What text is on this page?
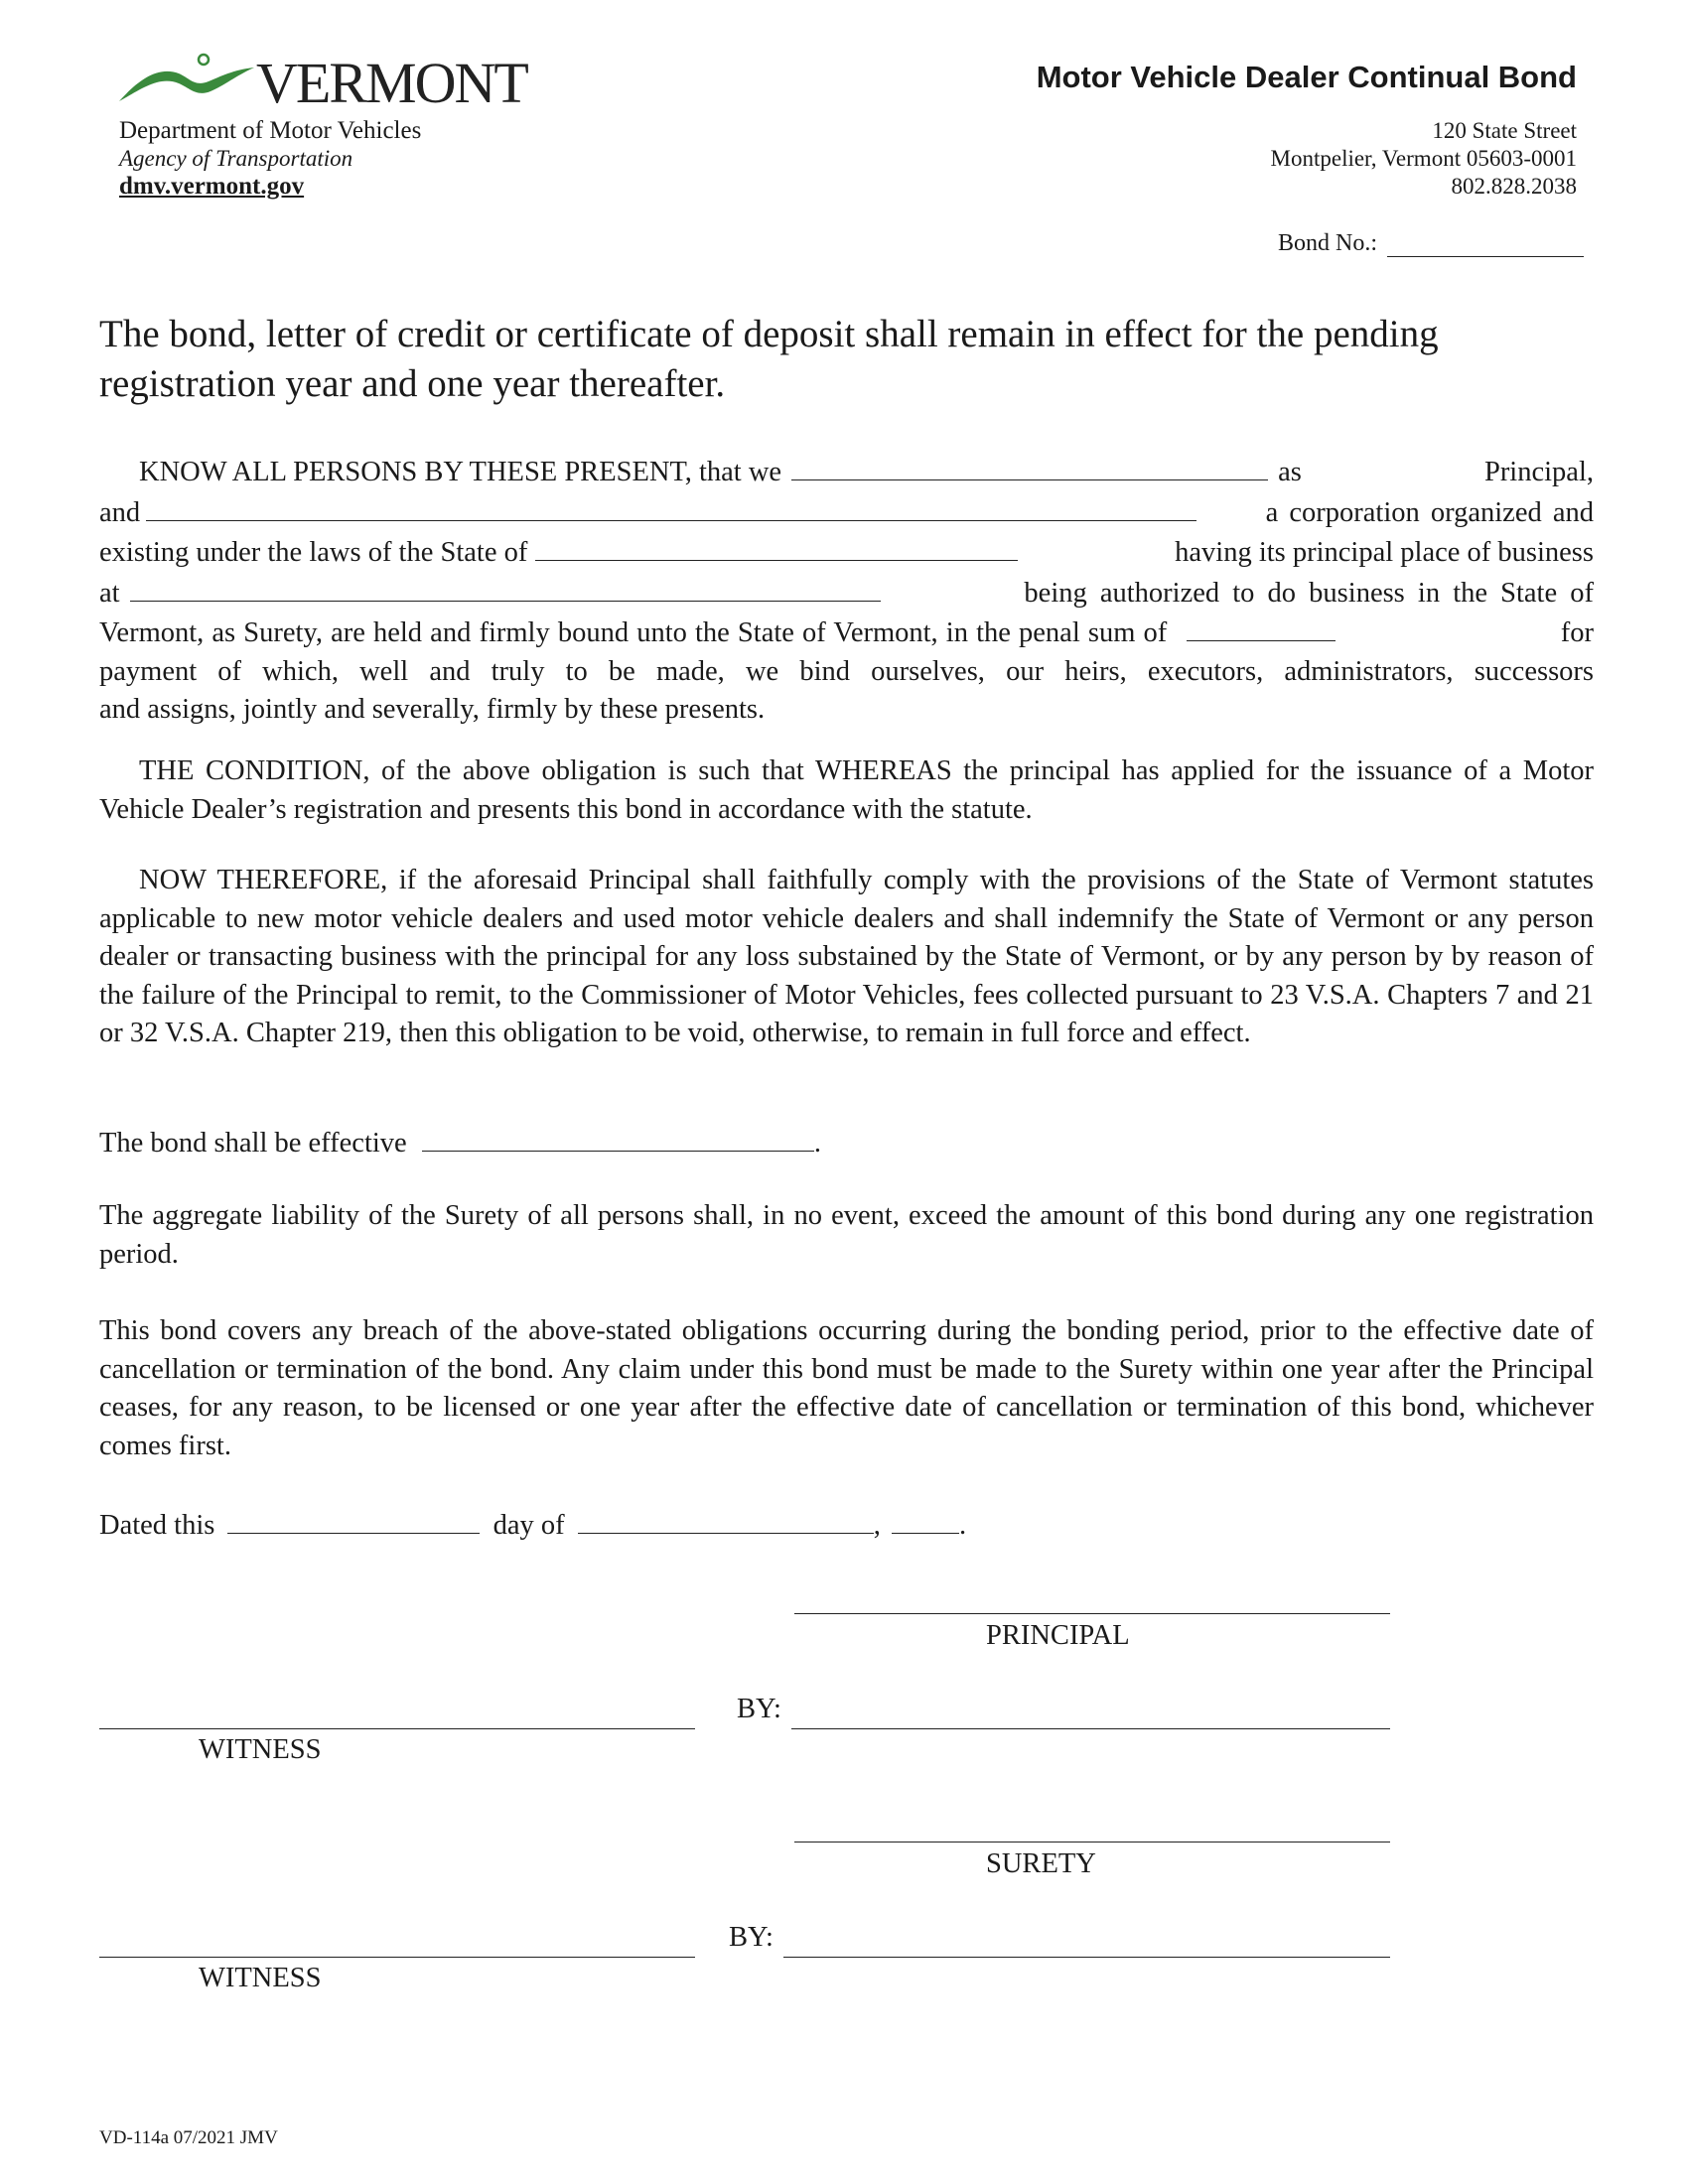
VERMONT
Department of Motor Vehicles
Agency of Transportation
dmv.vermont.gov
Motor Vehicle Dealer Continual Bond
120 State Street
Montpelier, Vermont 05603-0001
802.828.2038
Bond No.:
The bond, letter of credit or certificate of deposit shall remain in effect for the pending registration year and one year thereafter.
KNOW ALL PERSONS BY THESE PRESENT, that we	as	Principal,
and	a corporation organized and
existing under the laws of the State of	having its principal place of business
at	being authorized to do business in the State of
Vermont, as Surety, are held and firmly bound unto the State of Vermont, in the penal sum of	for
payment of which, well and truly to be made, we bind ourselves, our heirs, executors, administrators, successors
and assigns, jointly and severally, firmly by these presents.
THE CONDITION, of the above obligation is such that WHEREAS the principal has applied for the issuance of a Motor Vehicle Dealer’s registration and presents this bond in accordance with the statute.
NOW THEREFORE, if the aforesaid Principal shall faithfully comply with the provisions of the State of Vermont statutes applicable to new motor vehicle dealers and used motor vehicle dealers and shall indemnify the State of Vermont or any person dealer or transacting business with the principal for any loss substained by the State of Vermont, or by any person by by reason of the failure of the Principal to remit, to the Commissioner of Motor Vehicles, fees collected pursuant to 23 V.S.A. Chapters 7 and 21 or 32 V.S.A. Chapter 219, then this obligation to be void, otherwise, to remain in full force and effect.
The bond shall be effective	.
The aggregate liability of the Surety of all persons shall, in no event, exceed the amount of this bond during any one registration period.
This bond covers any breach of the above-stated obligations occurring during the bonding period, prior to the effective date of cancellation or termination of the bond. Any claim under this bond must be made to the Surety within one year after the Principal ceases, for any reason, to be licensed or one year after the effective date of cancellation or termination of this bond, whichever comes first.
Dated this	day of	,	.
PRINCIPAL
WITNESS
BY:
SURETY
WITNESS
BY:
VD-114a 07/2021 JMV
